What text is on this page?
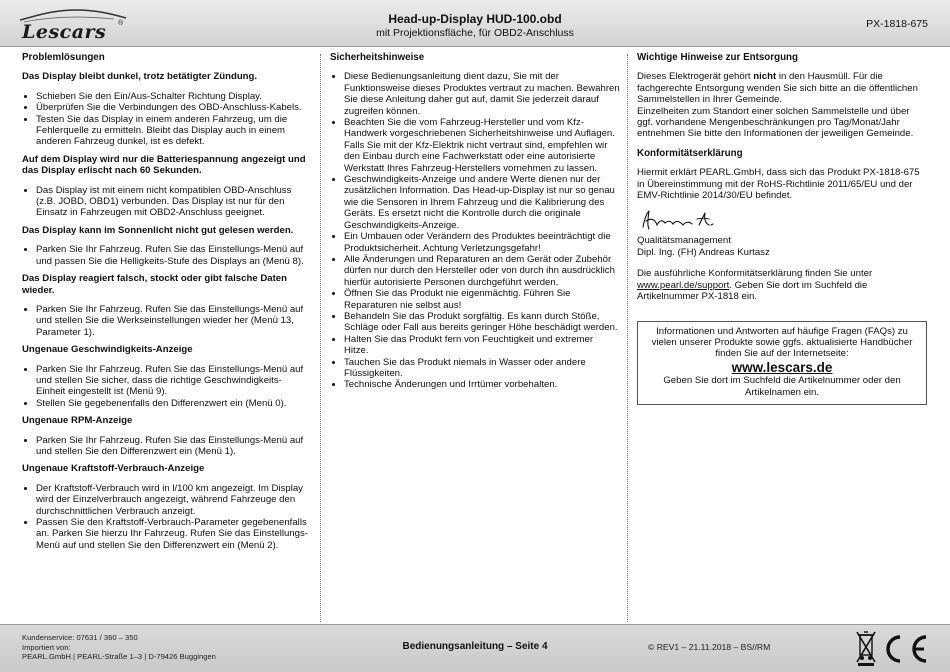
Lescars ®	Head-up-Display HUD-100.obd
mit Projektionsfläche, für OBD2-Anschluss
PX-1818-675
Problemlösungen
Das Display bleibt dunkel, trotz betätigter Zündung.
• Schieben Sie den Ein/Aus-Schalter Richtung Display.
• Überprüfen Sie die Verbindungen des OBD-Anschluss-Kabels.
• Testen Sie das Display in einem anderen Fahrzeug, um die Fehlerquelle zu ermitteln. Bleibt das Display auch in einem anderen Fahrzeug dunkel, ist es defekt.
Auf dem Display wird nur die Batteriespannung angezeigt und das Display erlischt nach 60 Sekunden.
• Das Display ist mit einem nicht kompatiblen OBD-Anschluss (z.B. JOBD, OBD1) verbunden. Das Display ist nur für den Einsatz in Fahrzeugen mit OBD2-Anschluss geeignet.
Das Display kann im Sonnenlicht nicht gut gelesen werden.
• Parken Sie Ihr Fahrzeug. Rufen Sie das Einstellungs-Menü auf und passen Sie die Helligkeits-Stufe des Displays an (Menü 8).
Das Display reagiert falsch, stockt oder gibt falsche Daten wieder.
• Parken Sie Ihr Fahrzeug. Rufen Sie das Einstellungs-Menü auf und stellen Sie die Werkseinstellungen wieder her (Menü 13, Parameter 1).
Ungenaue Geschwindigkeits-Anzeige
• Parken Sie Ihr Fahrzeug. Rufen Sie das Einstellungs-Menü auf und stellen Sie sicher, dass die richtige Geschwindigkeits-Einheit eingestellt ist (Menü 9).
• Stellen Sie gegebenenfalls den Differenzwert ein (Menü 0).
Ungenaue RPM-Anzeige
• Parken Sie Ihr Fahrzeug. Rufen Sie das Einstellungs-Menü auf und stellen Sie den Differenzwert ein (Menü 1).
Ungenaue Kraftstoff-Verbrauch-Anzeige
• Der Kraftstoff-Verbrauch wird in l/100 km angezeigt. Im Display wird der Einzelverbrauch angezeigt, während Fahrzeuge den durchschnittlichen Verbrauch anzeigt.
• Passen Sie den Kraftstoff-Verbrauch-Parameter gegebenenfalls an. Parken Sie hierzu Ihr Fahrzeug. Rufen Sie das Einstellungs-Menü auf und stellen Sie den Differenzwert ein (Menü 2).
Sicherheitshinweise
• Diese Bedienungsanleitung dient dazu, Sie mit der Funktionsweise dieses Produktes vertraut zu machen. Bewahren Sie diese Anleitung daher gut auf, damit Sie jederzeit darauf zugreifen können.
• Beachten Sie die vom Fahrzeug-Hersteller und vom Kfz-Handwerk vorgeschriebenen Sicherheitshinweise und Auflagen. Falls Sie mit der Kfz-Elektrik nicht vertraut sind, empfehlen wir den Einbau durch eine Fachwerkstatt oder eine autorisierte Werkstatt Ihres Fahrzeug-Herstellers vornehmen zu lassen.
• Geschwindigkeits-Anzeige und andere Werte dienen nur der zusätzlichen Information. Das Head-up-Display ist nur so genau wie die Sensoren in Ihrem Fahrzeug und die Kalibrierung des Geräts. Es ersetzt nicht die Kontrolle durch die originale Geschwindigkeits-Anzeige.
• Ein Umbauen oder Verändern des Produktes beeinträchtigt die Produktsicherheit. Achtung Verletzungsgefahr!
• Alle Änderungen und Reparaturen an dem Gerät oder Zubehör dürfen nur durch den Hersteller oder von durch ihn ausdrücklich hierfür autorisierte Personen durchgeführt werden.
• Öffnen Sie das Produkt nie eigenmächtig. Führen Sie Reparaturen nie selbst aus!
• Behandeln Sie das Produkt sorgfältig. Es kann durch Stöße, Schläge oder Fall aus bereits geringer Höhe beschädigt werden.
• Halten Sie das Produkt fern von Feuchtigkeit und extremer Hitze.
• Tauchen Sie das Produkt niemals in Wasser oder andere Flüssigkeiten.
• Technische Änderungen und Irrtümer vorbehalten.
Wichtige Hinweise zur Entsorgung

Dieses Elektrogerät gehört nicht in den Hausmüll. Für die fachgerechte Entsorgung wenden Sie sich bitte an die öffentlichen Sammelstellen in Ihrer Gemeinde.
Einzelheiten zum Standort einer solchen Sammelstelle und über ggf. vorhandene Mengenbeschränkungen pro Tag/Monat/Jahr entnehmen Sie bitte den Informationen der jeweiligen Gemeinde.

Konformitätserklärung

Hiermit erklärt PEARL.GmbH, dass sich das Produkt PX-1818-675 in Übereinstimmung mit der RoHS-Richtlinie 2011/65/EU und der EMV-Richtlinie 2014/30/EU befindet.

Qualitätsmanagement
Dipl. Ing. (FH) Andreas Kurtasz

Die ausführliche Konformitätserklärung finden Sie unter www.pearl.de/support. Geben Sie dort im Suchfeld die Artikelnummer PX-1818 ein.

Informationen und Antworten auf häufige Fragen (FAQs) zu vielen unserer Produkte sowie ggfs. aktualisierte Handbücher finden Sie auf der Internetseite:
www.lescars.de
Geben Sie dort im Suchfeld die Artikelnummer oder den Artikelnamen ein.
Kundenservice: 07631 / 360 – 350
Importiert von:
PEARL.GmbH | PEARL-Straße 1–3 | D-79426 Buggingen
Bedienungsanleitung – Seite 4	© REV1 – 21.11.2018 – BS//RM
